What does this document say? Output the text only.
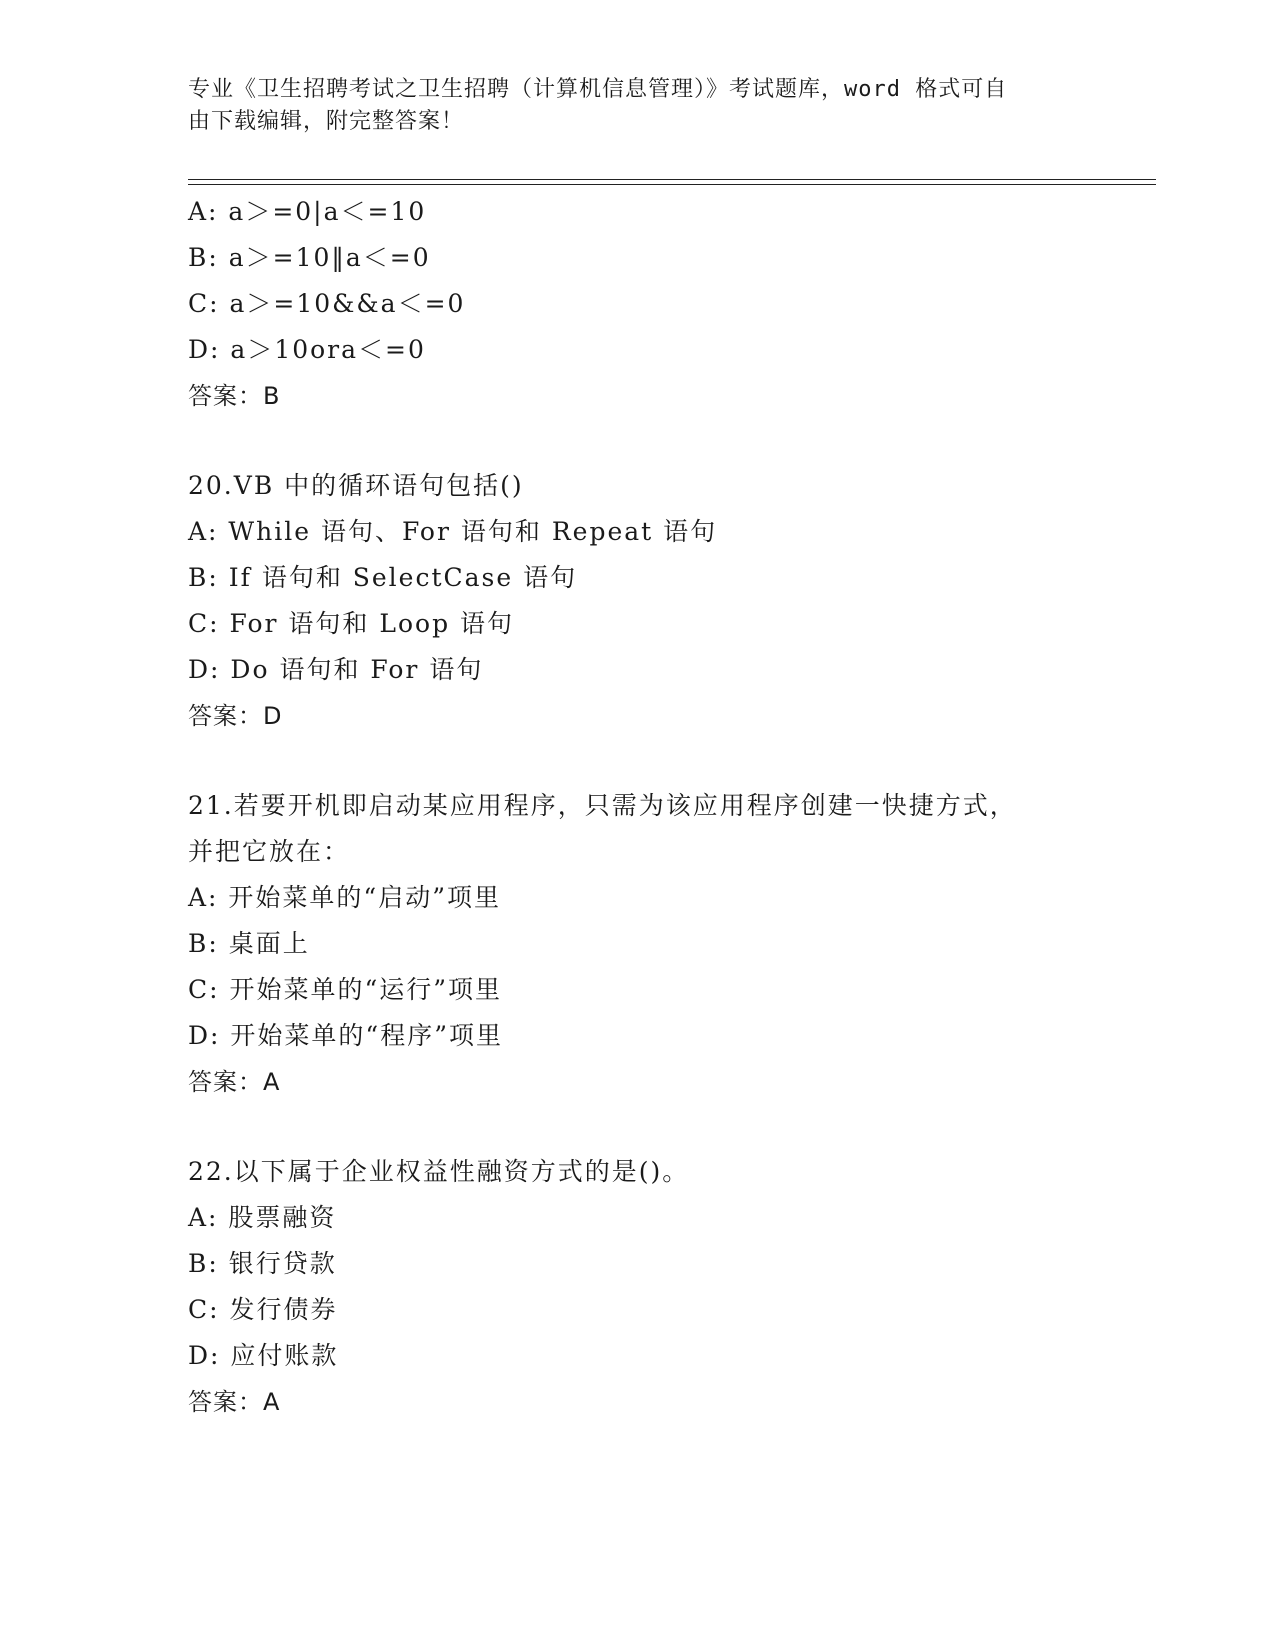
专业《卫生招聘考试之卫生招聘（计算机信息管理）》考试题库，word 格式可自
由下载编辑，附完整答案！
A: a＞=0|a＜=10
B: a＞=10‖a＜=0
C: a＞=10&&a＜=0
D: a＞10ora＜=0
答案：B
20.VB 中的循环语句包括()
A: While 语句、For 语句和 Repeat 语句
B: If 语句和 SelectCase 语句
C: For 语句和 Loop 语句
D: Do 语句和 For 语句
答案：D
21.若要开机即启动某应用程序，只需为该应用程序创建一快捷方式，
并把它放在：
A: 开始菜单的“启动”项里
B: 桌面上
C: 开始菜单的“运行”项里
D: 开始菜单的“程序”项里
答案：A
22.以下属于企业权益性融资方式的是()。
A: 股票融资
B: 银行贷款
C: 发行债券
D: 应付账款
答案：A
